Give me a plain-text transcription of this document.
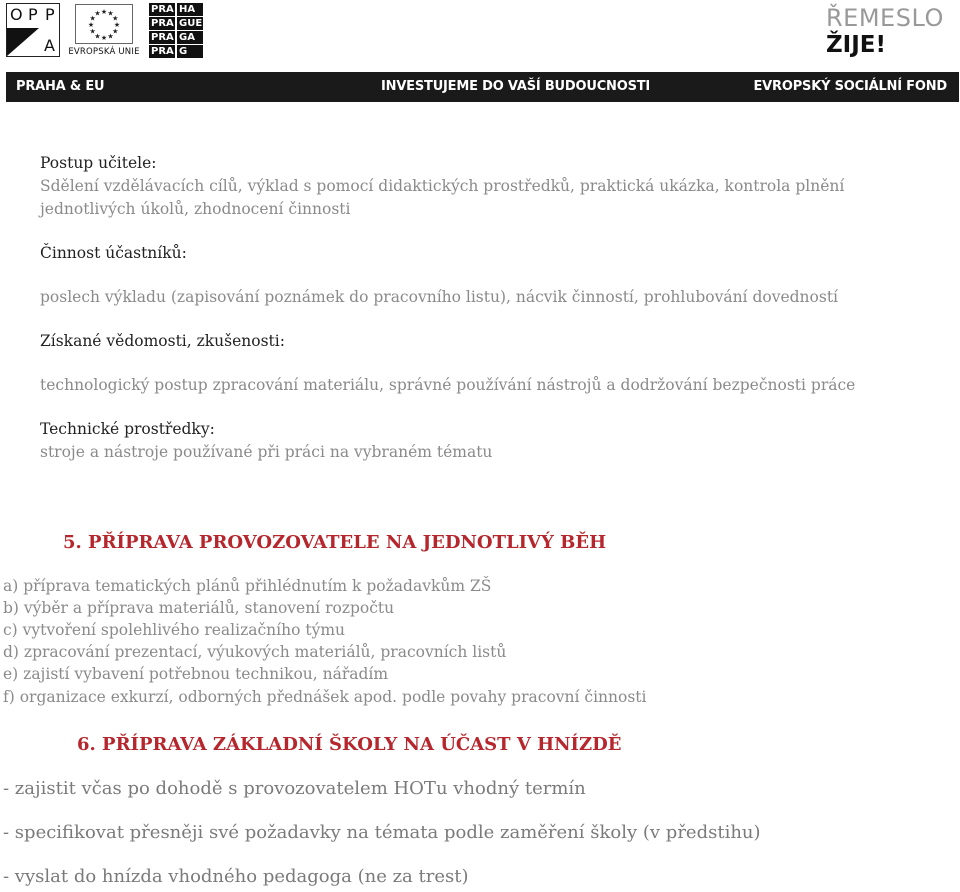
O P P
A
★ ★
★
★
★
★
★
★
★
★
★
★
EVROPSKÁ UNIE
PRA HA
PRA GUE
PRA GA
PRA G
ŘEMESLO
ŽIJE!
PRAHA & EU	INVESTUJEME DO VAŠÍ BUDOUCNOSTI	EVROPSKÝ SOCIÁLNÍ FOND
Postup učitele:
Sdělení vzdělávacích cílů, výklad s pomocí didaktických prostředků, praktická ukázka, kontrola plnění
jednotlivých úkolů, zhodnocení činnosti
Činnost účastníků:
poslech výkladu (zapisování poznámek do pracovního listu), nácvik činností, prohlubování dovedností
Získané vědomosti, zkušenosti:
technologický postup zpracování materiálu, správné používání nástrojů a dodržování bezpečnosti práce
Technické prostředky:
stroje a nástroje používané při práci na vybraném tématu
5. PŘÍPRAVA PROVOZOVATELE NA JEDNOTLIVÝ BĚH
a) příprava tematických plánů přihlédnutím k požadavkům ZŠ
b) výběr a příprava materiálů, stanovení rozpočtu
c) vytvoření spolehlivého realizačního týmu
d) zpracování prezentací, výukových materiálů, pracovních listů
e) zajistí vybavení potřebnou technikou, nářadím
f) organizace exkurzí, odborných přednášek apod. podle povahy pracovní činnosti
6. PŘÍPRAVA ZÁKLADNÍ ŠKOLY NA ÚČAST V HNÍZDĚ
- zajistit včas po dohodě s provozovatelem HOTu vhodný termín
- specifikovat přesněji své požadavky na témata podle zaměření školy (v předstihu)
- vyslat do hnízda vhodného pedagoga (ne za trest)
